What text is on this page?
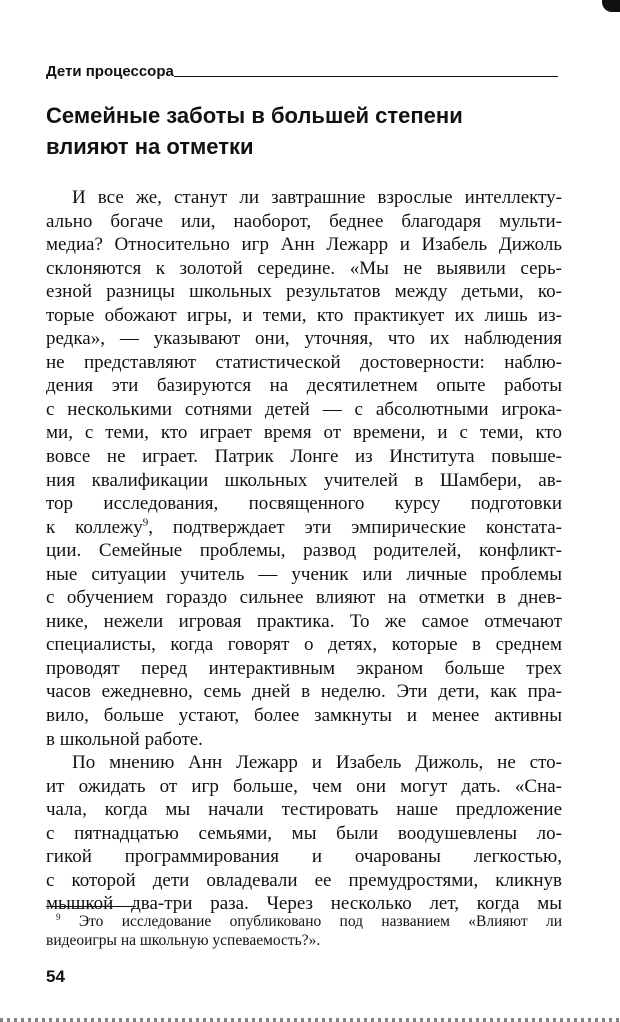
Дети процессора
Семейные заботы в большей степени
влияют на отметки
И все же, станут ли завтрашние взрослые интеллекту-
ально богаче или, наоборот, беднее благодаря мульти-
медиа? Относительно игр Анн Лежарр и Изабель Дижоль
склоняются к золотой середине. «Мы не выявили серь-
езной разницы школьных результатов между детьми, ко-
торые обожают игры, и теми, кто практикует их лишь из-
редка», — указывают они, уточняя, что их наблюдения
не представляют статистической достоверности: наблю-
дения эти базируются на десятилетнем опыте работы
с несколькими сотнями детей — с абсолютными игрока-
ми, с теми, кто играет время от времени, и с теми, кто
вовсе не играет. Патрик Лонге из Института повыше-
ния квалификации школьных учителей в Шамбери, ав-
тор исследования, посвященного курсу подготовки
к коллежу$^9$, подтверждает эти эмпирические констата-
ции. Семейные проблемы, развод родителей, конфликт-
ные ситуации учитель — ученик или личные проблемы
с обучением гораздо сильнее влияют на отметки в днев-
нике, нежели игровая практика. То же самое отмечают
специалисты, когда говорят о детях, которые в среднем
проводят перед интерактивным экраном больше трех
часов ежедневно, семь дней в неделю. Эти дети, как пра-
вило, больше устают, более замкнуты и менее активны
в школьной работе.
По мнению Анн Лежарр и Изабель Дижоль, не сто-
ит ожидать от игр больше, чем они могут дать. «Сна-
чала, когда мы начали тестировать наше предложение
с пятнадцатью семьями, мы были воодушевлены ло-
гикой программирования и очарованы легкостью,
с которой дети овладевали ее премудростями, кликнув
мышкой два-три раза. Через несколько лет, когда мы
$^9$ Это исследование опубликовано под названием «Влияют ли
видеоигры на школьную успеваемость?».
54
